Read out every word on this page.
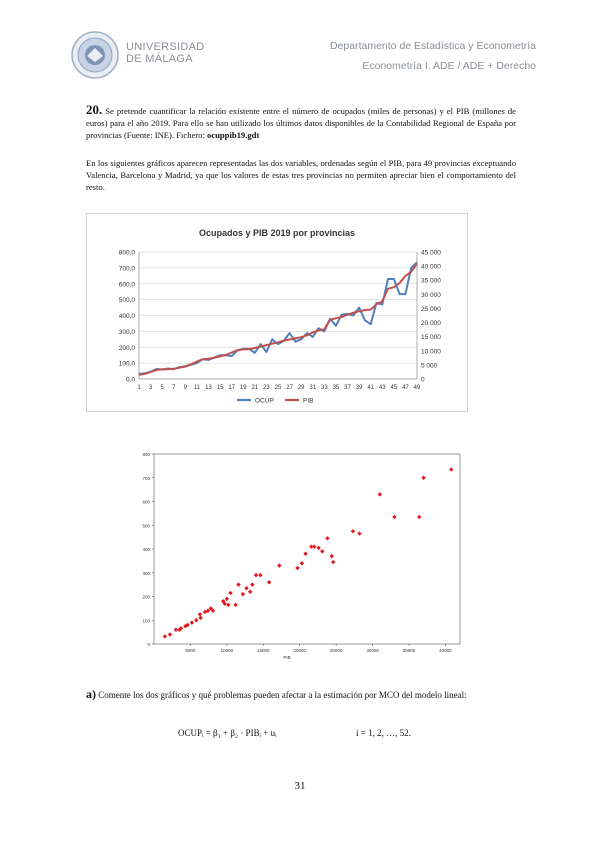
UNIVERSIDAD
DE MÁLAGA
Departamento de Estadística y Econometría
Econometría I. ADE / ADE + Derecho
20. Se pretende cuantificar la relación existente entre el número de ocupados (miles de personas) y el PIB (millones de euros) para el año 2019. Para ello se han utilizado los últimos datos disponibles de la Contabilidad Regional de España por provincias (Fuente: INE). Fichero: ocuppib19.gdt
En los siguientes gráficos aparecen representadas las dos variables, ordenadas según el PIB, para 49 provincias exceptuando Valencia, Barcelona y Madrid, ya que los valores de estas tres provincias no permiten apreciar bien el comportamiento del resto.
Ocupados y PIB 2019 por provincias
0,0
100,0
200,0
300,0
400,0
500,0
600,0
700,0
800,0
0
5 000
10 000
15 000
20 000
25 000
30 000
35 000
40 000
45 000
1 3 5 7 9 11 13 15 17 19 21 23 25 27 29 31 33 35 37 39 41 43 45 47 49
OCUP	PIB
0
100
200
300
400
500
600
700
800
5000	10000	15000	20000	25000	30000	35000	40000
PIB
a) Comente los dos gráficos y qué problemas pueden afectar a la estimación por MCO del modelo lineal:
OCUPᵢ = β₁ + β₂ · PIBᵢ + uᵢ	i = 1, 2, …, 52.
31
